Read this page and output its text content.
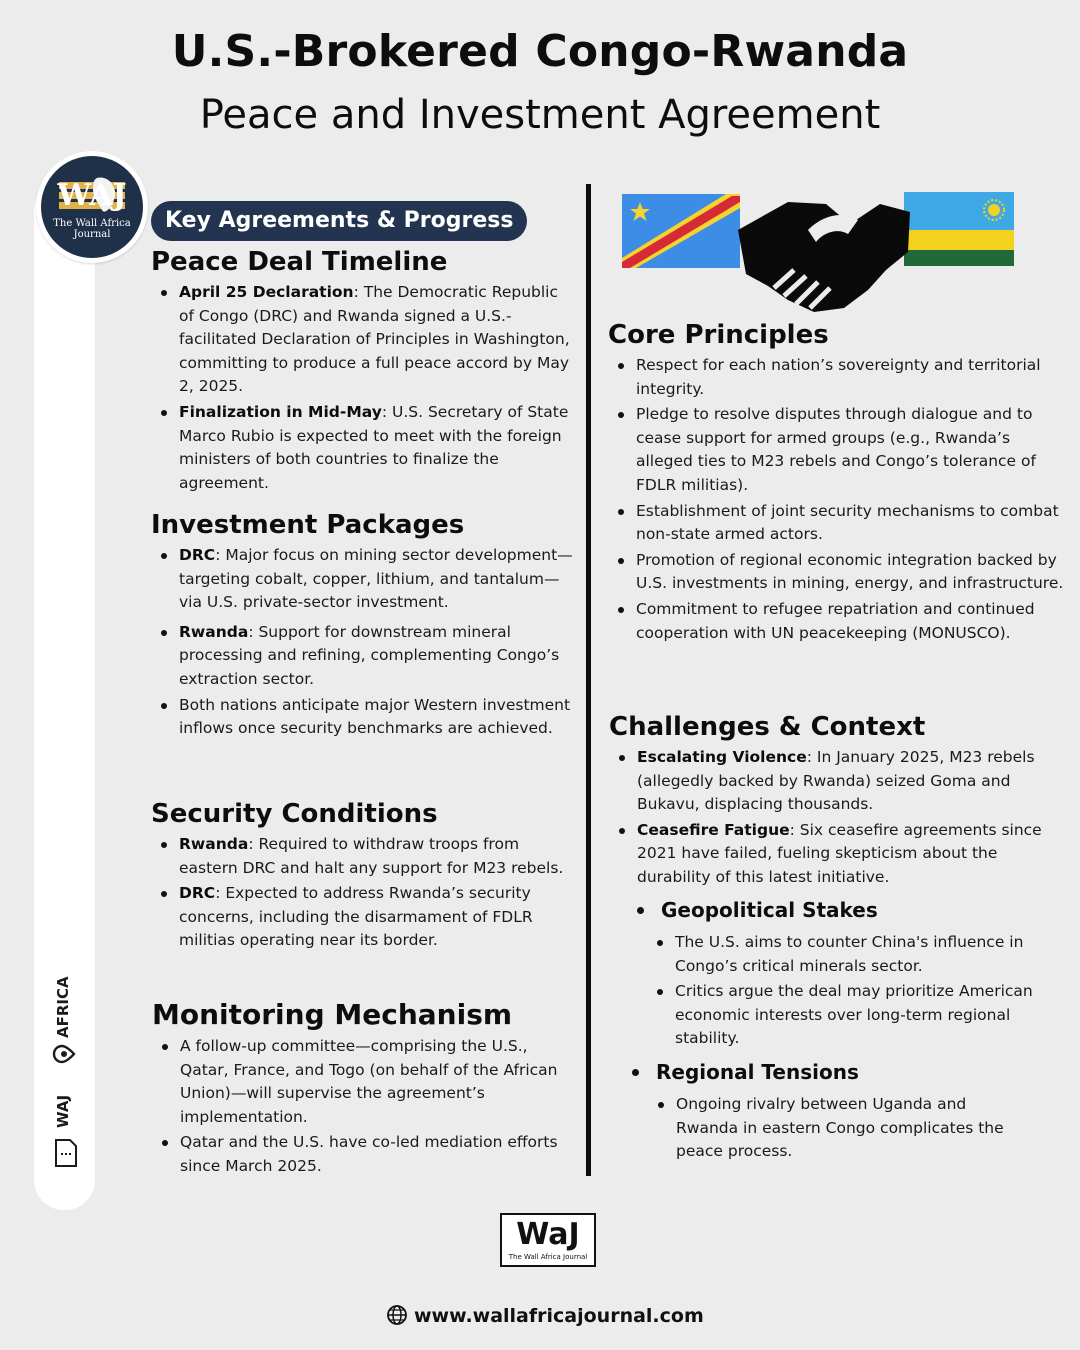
U.S.-Brokered Congo-Rwanda
Peace and Investment Agreement
WAJ
The Wall Africa Journal
AFRICA
WAJ
Key Agreements & Progress
Peace Deal Timeline
April 25 Declaration: The Democratic Republic of Congo (DRC) and Rwanda signed a U.S.-facilitated Declaration of Principles in Washington, committing to produce a full peace accord by May 2, 2025.
Finalization in Mid-May: U.S. Secretary of State Marco Rubio is expected to meet with the foreign ministers of both countries to finalize the agreement.
Investment Packages
DRC: Major focus on mining sector development—targeting cobalt, copper, lithium, and tantalum—via U.S. private-sector investment.
Rwanda: Support for downstream mineral processing and refining, complementing Congo’s extraction sector.
Both nations anticipate major Western investment inflows once security benchmarks are achieved.
Security Conditions
Rwanda: Required to withdraw troops from eastern DRC and halt any support for M23 rebels.
DRC: Expected to address Rwanda’s security concerns, including the disarmament of FDLR militias operating near its border.
Monitoring Mechanism
A follow-up committee—comprising the U.S., Qatar, France, and Togo (on behalf of the African Union)—will supervise the agreement’s implementation.
Qatar and the U.S. have co-led mediation efforts since March 2025.
Core Principles
Respect for each nation’s sovereignty and territorial integrity.
Pledge to resolve disputes through dialogue and to cease support for armed groups (e.g., Rwanda’s alleged ties to M23 rebels and Congo’s tolerance of FDLR militias).
Establishment of joint security mechanisms to combat non-state armed actors.
Promotion of regional economic integration backed by U.S. investments in mining, energy, and infrastructure.
Commitment to refugee repatriation and continued cooperation with UN peacekeeping (MONUSCO).
Challenges & Context
Escalating Violence: In January 2025, M23 rebels (allegedly backed by Rwanda) seized Goma and Bukavu, displacing thousands.
Ceasefire Fatigue: Six ceasefire agreements since 2021 have failed, fueling skepticism about the durability of this latest initiative.
Geopolitical Stakes
The U.S. aims to counter China's influence in Congo’s critical minerals sector.
Critics argue the deal may prioritize American economic interests over long-term regional stability.
Regional Tensions
Ongoing rivalry between Uganda and Rwanda in eastern Congo complicates the peace process.
WaJ
The Wall Africa Journal
www.wallafricajournal.com
